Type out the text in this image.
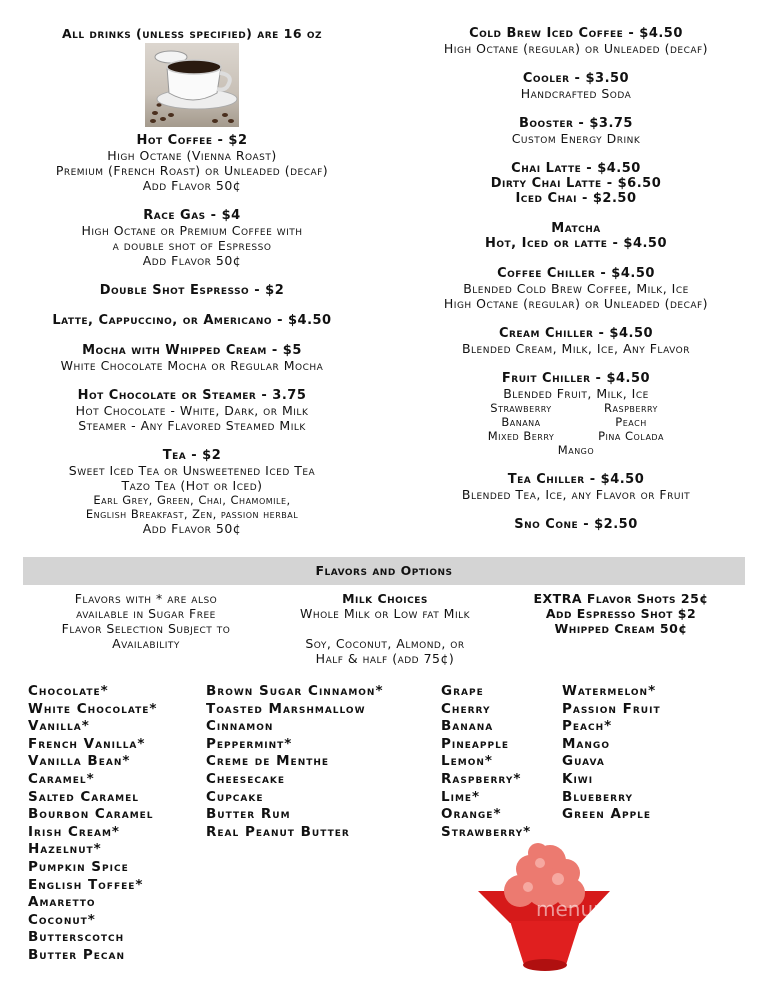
All drinks (unless specified) are 16 oz
Hot Coffee - $2
High Octane (Vienna Roast)
Premium (French Roast) or Unleaded (decaf)
Add Flavor 50¢
Race Gas - $4
High Octane or Premium Coffee with
a double shot of Espresso
Add Flavor 50¢
Double Shot Espresso - $2
Latte, Cappuccino, or Americano - $4.50
Mocha with Whipped Cream - $5
White Chocolate Mocha or Regular Mocha
Hot Chocolate or Steamer - 3.75
Hot Chocolate - White, Dark, or Milk
Steamer - Any Flavored Steamed Milk
Tea - $2
Sweet Iced Tea or Unsweetened Iced Tea
Tazo Tea (Hot or Iced)
Earl Grey, Green, Chai, Chamomile,
English Breakfast, Zen, passion herbal
Add Flavor 50¢
Cold Brew Iced Coffee - $4.50
High Octane (regular) or Unleaded (decaf)
Cooler - $3.50
Handcrafted Soda
Booster - $3.75
Custom Energy Drink
Chai Latte - $4.50
Dirty Chai Latte - $6.50
Iced Chai - $2.50
Matcha
Hot, Iced or latte - $4.50
Coffee Chiller - $4.50
Blended Cold Brew Coffee, Milk, Ice
High Octane (regular) or Unleaded (decaf)
Cream Chiller - $4.50
Blended Cream, Milk, Ice, Any Flavor
Fruit Chiller - $4.50
Blended Fruit, Milk, Ice
Strawberry	Raspberry
Banana	Peach
Mixed Berry	Pina Colada
Mango
Tea Chiller - $4.50
Blended Tea, Ice, any Flavor or Fruit
Sno Cone - $2.50
Flavors and Options
Flavors with * are also
available in Sugar Free
Flavor Selection Subject to
Availability
Milk Choices
Whole Milk or Low fat Milk
Soy, Coconut, Almond, or
Half & half (add 75¢)
EXTRA Flavor Shots 25¢
Add Espresso Shot $2
Whipped Cream 50¢
Chocolate*
White Chocolate*
Vanilla*
French Vanilla*
Vanilla Bean*
Caramel*
Salted Caramel
Bourbon Caramel
Irish Cream*
Hazelnut*
Pumpkin Spice
English Toffee*
Amaretto
Coconut*
Butterscotch
Butter Pecan
Brown Sugar Cinnamon*
Toasted Marshmallow
Cinnamon
Peppermint*
Creme de Menthe
Cheesecake
Cupcake
Butter Rum
Real Peanut Butter
Grape
Cherry
Banana
Pineapple
Lemon*
Raspberry*
Lime*
Orange*
Strawberry*
Watermelon*
Passion Fruit
Peach*
Mango
Guava
Kiwi
Blueberry
Green Apple
menupix
